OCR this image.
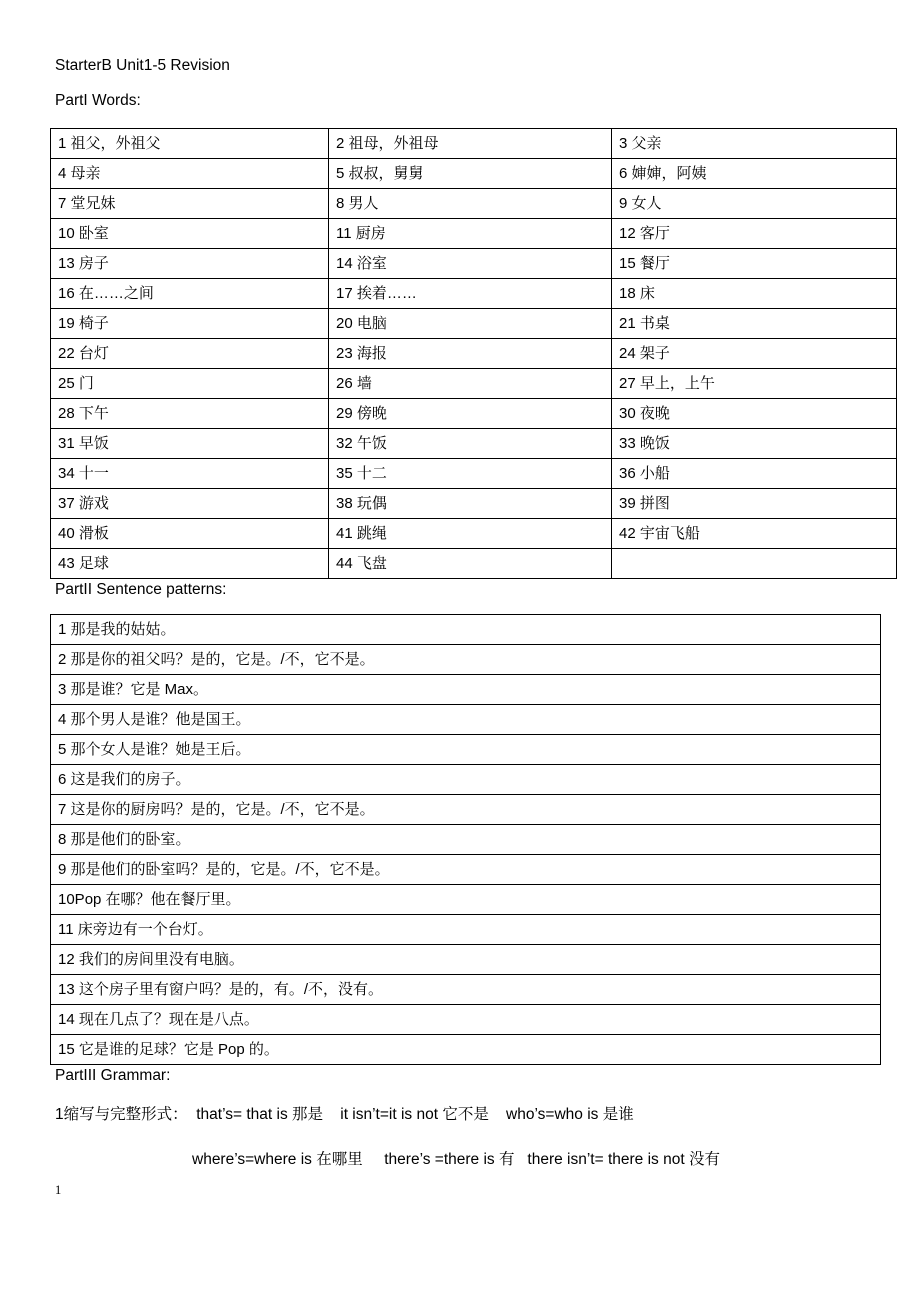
StarterB Unit1-5 Revision
PartI Words:
1 祖父，外祖父	2 祖母，外祖母	3 父亲
4 母亲	5 叔叔，舅舅	6 婶婶，阿姨
7 堂兄妹	8 男人	9 女人
10 卧室	11 厨房	12 客厅
13 房子	14 浴室	15 餐厅
16 在……之间	17 挨着……	18 床
19 椅子	20 电脑	21 书桌
22 台灯	23 海报	24 架子
25 门	26 墙	27 早上，上午
28 下午	29 傍晚	30 夜晚
31 早饭	32 午饭	33 晚饭
34 十一	35 十二	36 小船
37 游戏	38 玩偶	39 拼图
40 滑板	41 跳绳	42 宇宙飞船
43 足球	44 飞盘	
PartII Sentence patterns:
1 那是我的姑姑。
2 那是你的祖父吗？是的，它是。/不，它不是。
3 那是谁？它是 Max。
4 那个男人是谁？他是国王。
5 那个女人是谁？她是王后。
6 这是我们的房子。
7 这是你的厨房吗？是的，它是。/不，它不是。
8 那是他们的卧室。
9 那是他们的卧室吗？是的，它是。/不，它不是。
10Pop 在哪？他在餐厅里。
11 床旁边有一个台灯。
12 我们的房间里没有电脑。
13 这个房子里有窗户吗？是的，有。/不，没有。
14 现在几点了？现在是八点。
15 它是谁的足球？它是 Pop 的。
PartIII Grammar:
1缩写与完整形式：  that’s= that is 那是    it isn’t=it is not 它不是    who’s=who is 是谁
where’s=where is 在哪里     there’s =there is 有   there isn’t= there is not 没有
1
